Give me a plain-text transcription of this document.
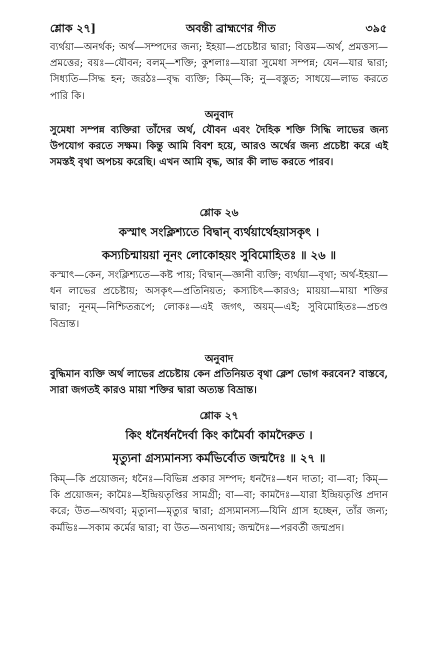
শ্লোক ২৭]	অবন্তী ব্রাহ্মণের গীত	৩৯৫

ব্যর্থয়া—অনর্থক; অর্থ—সম্পদের জন্য; ইহয়া—প্রচেষ্টার দ্বারা; বিত্তম—অর্থ, প্রমত্তস্য—প্রমত্তের; বয়ঃ—যৌবন; বলম্—শক্তি; কুশলাঃ—যারা সুমেধা সম্পন্ন; যেন—যার দ্বারা; সিধ্যতি—সিদ্ধ হন; জরঠঃ—বৃদ্ধ ব্যক্তি; কিম্—কি; নু—বস্তুত; সাধয়ে—লাভ করতে পারি কি।

অনুবাদ

সুমেধা সম্পন্ন ব্যক্তিরা তাঁদের অর্থ, যৌবন এবং দৈহিক শক্তি সিদ্ধি লাভের জন্য উপযোগ করতে সক্ষম। কিন্তু আমি বিবশ হয়ে, আরও অর্থের জন্য প্রচেষ্টা করে এই সমস্তই বৃথা অপচয় করেছি। এখন আমি বৃদ্ধ, আর কী লাভ করতে পারব।

শ্লোক ২৬

কস্মাৎ সংক্লিশ্যতে বিদ্বান্ ব্যর্থয়ার্থেহয়াসকৃৎ ।

কস্যচিন্মায়য়া নূনং লোকোহয়ং সুবিমোহিতঃ ॥ ২৬ ॥

কস্মাৎ—কেন, সংক্লিশ্যতে—কষ্ট পায়; বিদ্বান্—জ্ঞানী ব্যক্তি; ব্যর্থয়া—বৃথা; অর্থ-ইহয়া—ধন লাভের প্রচেষ্টায়; অসকৃৎ—প্রতিনিয়ত; কস্যচিৎ—কারও; মায়য়া—মায়া শক্তির দ্বারা; নূনম্—নিশ্চিতরূপে; লোকঃ—এই জগৎ, অয়ম্—এই; সুবিমোহিতঃ—প্রচণ্ড বিভ্রান্ত।

অনুবাদ

বুদ্ধিমান ব্যক্তি অর্থ লাভের প্রচেষ্টায় কেন প্রতিনিয়ত বৃথা ক্লেশ ভোগ করবেন? বাস্তবে, সারা জগতই কারও মায়া শক্তির দ্বারা অত্যন্ত বিভ্রান্ত।

শ্লোক ২৭

কিং ধনৈর্ধনদৈর্বা কিং কামৈর্বা কামদৈরুত ।

মৃত্যুনা গ্রস্যমানস্য কর্মভির্বোত জন্মদৈঃ ॥ ২৭ ॥

কিম্—কি প্রয়োজন; ধনৈঃ—বিভিন্ন প্রকার সম্পদ; ধনদৈঃ—ধন দাতা; বা—বা; কিম্—কি প্রয়োজন; কামৈঃ—ইন্দ্রিয়তৃপ্তির সামগ্রী; বা—বা; কামদৈঃ—যারা ইন্দ্রিয়তৃপ্তি প্রদান করে; উত—অথবা; মৃত্যুনা—মৃত্যুর দ্বারা; গ্রস্যমানস্য—যিনি গ্রাস হচ্ছেন, তাঁর জন্য; কর্মভিঃ—সকাম কর্মের দ্বারা; বা উত—অন্যথায়; জন্মদৈঃ—পরবর্তী জন্মপ্রদ।
